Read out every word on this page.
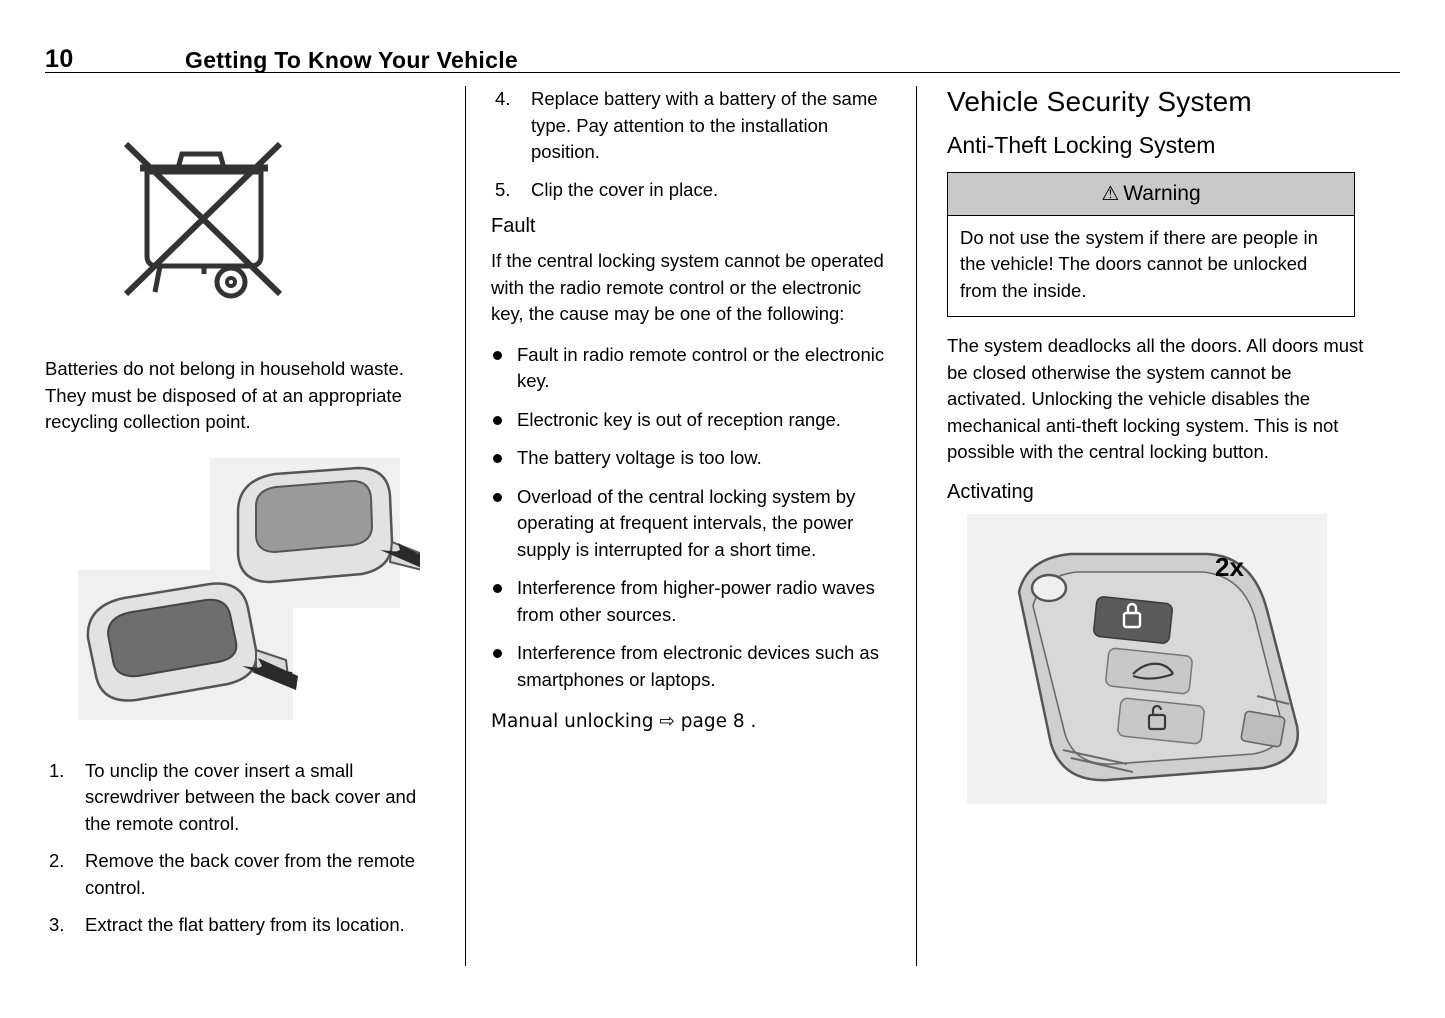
10	Getting To Know Your Vehicle

Batteries do not belong in household waste. They must be disposed of at an appropriate recycling collection point.

1.	To unclip the cover insert a small screwdriver between the back cover and the remote control.
2.	Remove the back cover from the remote control.
3.	Extract the flat battery from its location.
4.	Replace battery with a battery of the same type. Pay attention to the installation position.
5.	Clip the cover in place.
Fault

If the central locking system cannot be operated with the radio remote control or the electronic key, the cause may be one of the following:

Fault in radio remote control or the electronic key.
Electronic key is out of reception range.
The battery voltage is too low.
Overload of the central locking system by operating at frequent intervals, the power supply is interrupted for a short time.
Interference from higher-power radio waves from other sources.
Interference from electronic devices such as smartphones or laptops.

Manual unlocking ⇨ page 8 .

Vehicle Security System
Anti-Theft Locking System
⚠ Warning
Do not use the system if there are people in the vehicle! The doors cannot be unlocked from the inside.

The system deadlocks all the doors. All doors must be closed otherwise the system cannot be activated. Unlocking the vehicle disables the mechanical anti-theft locking system. This is not possible with the central locking button.

Activating
2x
